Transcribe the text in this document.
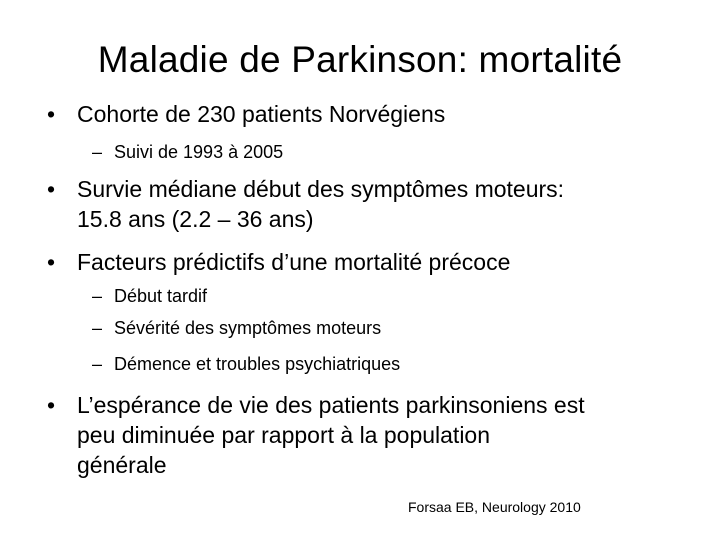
Maladie de Parkinson: mortalité
• Cohorte de 230 patients Norvégiens
– Suivi de 1993 à 2005
• Survie médiane début des symptômes moteurs:
15.8 ans (2.2 – 36 ans)
• Facteurs prédictifs d’une mortalité précoce
– Début tardif
– Sévérité des symptômes moteurs
– Démence et troubles psychiatriques
• L’espérance de vie des patients parkinsoniens est
peu diminuée par rapport à la population
générale
Forsaa EB, Neurology 2010
